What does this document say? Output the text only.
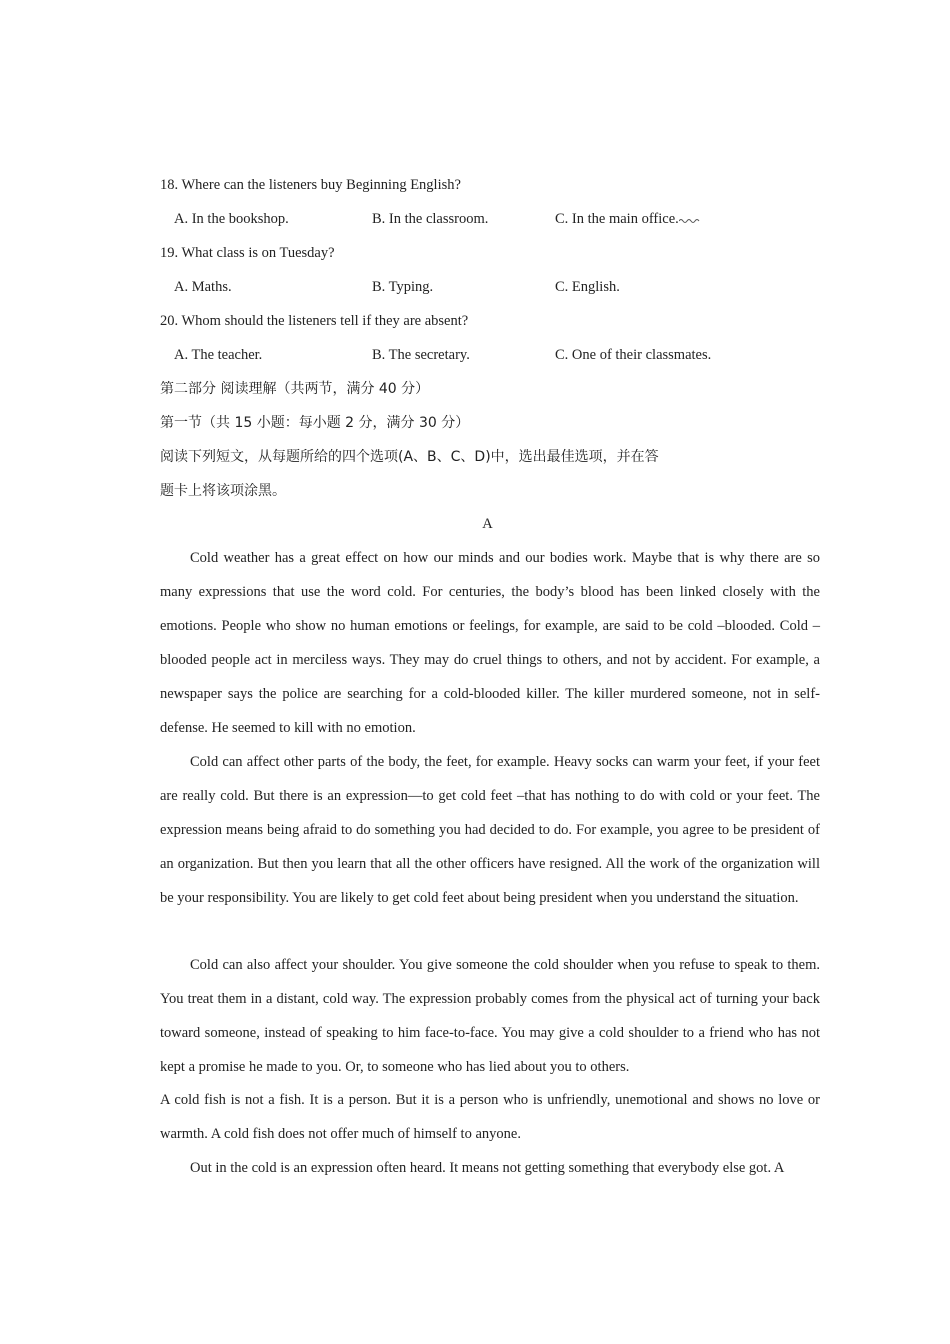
18. Where can the listeners buy Beginning English?
A. In the bookshop.	B. In the classroom.	C. In the main office.
19. What class is on Tuesday?
A. Maths.	B. Typing.	C. English.
20. Whom should the listeners tell if they are absent?
A. The teacher.	B. The secretary.	C. One of their classmates.
第二部分 阅读理解（共两节，满分 40 分）
第一节（共 15 小题：每小题 2 分，满分 30 分）
阅读下列短文，从每题所给的四个选项(A、B、C、D)中，选出最佳选项，并在答
题卡上将该项涂黑。
A
Cold weather has a great effect on how our minds and our bodies work. Maybe that is why there are so many expressions that use the word cold. For centuries, the body’s blood has been linked closely with the emotions. People who show no human emotions or feelings, for example, are said to be cold –blooded. Cold –blooded people act in merciless ways. They may do cruel things to others, and not by accident. For example, a newspaper says the police are searching for a cold-blooded killer. The killer murdered someone, not in self-defense. He seemed to kill with no emotion.
Cold can affect other parts of the body, the feet, for example. Heavy socks can warm your feet, if your feet are really cold. But there is an expression—to get cold feet –that has nothing to do with cold or your feet. The expression means being afraid to do something you had decided to do. For example, you agree to be president of an organization. But then you learn that all the other officers have resigned. All the work of the organization will be your responsibility. You are likely to get cold feet about being president when you understand the situation.
Cold can also affect your shoulder. You give someone the cold shoulder when you refuse to speak to them. You treat them in a distant, cold way. The expression probably comes from the physical act of turning your back toward someone, instead of speaking to him face-to-face. You may give a cold shoulder to a friend who has not kept a promise he made to you. Or, to someone who has lied about you to others.
A cold fish is not a fish. It is a person. But it is a person who is unfriendly, unemotional and shows no love or warmth. A cold fish does not offer much of himself to anyone.
Out in the cold is an expression often heard. It means not getting something that everybody else got. A
